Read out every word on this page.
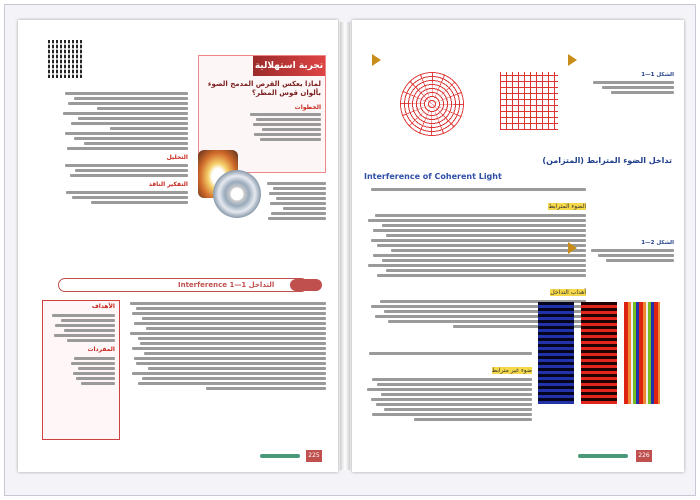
التحليل
التفكير الناقد
تجربة استهلالية
لماذا يعكس القرص المدمج الضوء بألوان قوس المطر؟
الخطوات
Interference	التداخل 1—1
الأهداف
المفردات
225
الشكل 1—1
تداخل الضوء المترابط (المتزامن)
Interference of Coherent Light
الضوء المترابط
أهداب التداخل
الشكل 2—1
ضوء غير مترابط
226
